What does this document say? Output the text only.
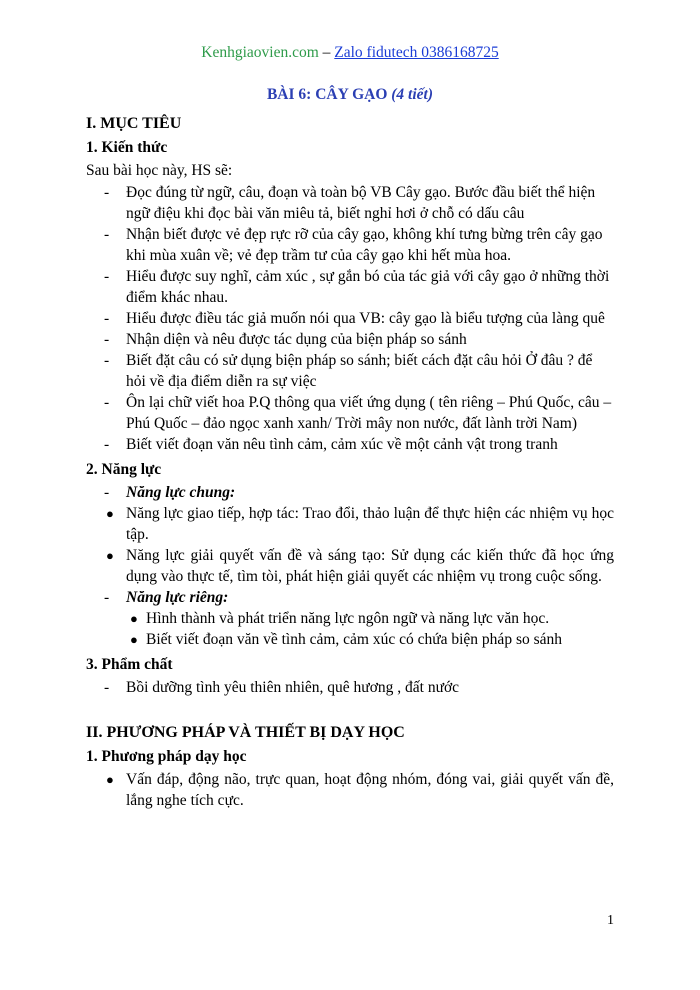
Kenhgiaovien.com – Zalo fidutech 0386168725
BÀI 6: CÂY GẠO (4 tiết)
I. MỤC TIÊU
1. Kiến thức

Sau bài học này, HS sẽ:

- Đọc đúng từ ngữ, câu, đoạn và toàn bộ VB Cây gạo. Bước đầu biết thể hiện ngữ điệu khi đọc bài văn miêu tả, biết nghỉ hơi ở chỗ có dấu câu
- Nhận biết được vẻ đẹp rực rỡ của cây gạo, không khí tưng bừng trên cây gạo khi mùa xuân về; vẻ đẹp trầm tư của cây gạo khi hết mùa hoa.
- Hiểu được suy nghĩ, cảm xúc , sự gắn bó của tác giả với cây gạo ở những thời điểm khác nhau.
- Hiểu được điều tác giả muốn nói qua VB: cây gạo là biểu tượng của làng quê
- Nhận diện và nêu được tác dụng của biện pháp so sánh
- Biết đặt câu có sử dụng biện pháp so sánh; biết cách đặt câu hỏi Ở đâu ? để hỏi về địa điểm diễn ra sự việc
- Ôn lại chữ viết hoa P.Q thông qua viết ứng dụng ( tên riêng – Phú Quốc, câu – Phú Quốc – đảo ngọc xanh xanh/ Trời mây non nước, đất lành trời Nam)
- Biết viết đoạn văn nêu tình cảm, cảm xúc về một cảnh vật trong tranh
2. Năng lực
- Năng lực chung:
● Năng lực giao tiếp, hợp tác: Trao đổi, thảo luận để thực hiện các nhiệm vụ học tập.
● Năng lực giải quyết vấn đề và sáng tạo: Sử dụng các kiến thức đã học ứng dụng vào thực tế, tìm tòi, phát hiện giải quyết các nhiệm vụ trong cuộc sống.
- Năng lực riêng:
● Hình thành và phát triển năng lực ngôn ngữ và năng lực văn học.
● Biết viết đoạn văn về tình cảm, cảm xúc có chứa biện pháp so sánh
3. Phẩm chất
- Bồi dưỡng tình yêu thiên nhiên, quê hương , đất nước
II. PHƯƠNG PHÁP VÀ THIẾT BỊ DẠY HỌC
1. Phương pháp dạy học
● Vấn đáp, động não, trực quan, hoạt động nhóm, đóng vai, giải quyết vấn đề, lắng nghe tích cực.
1
